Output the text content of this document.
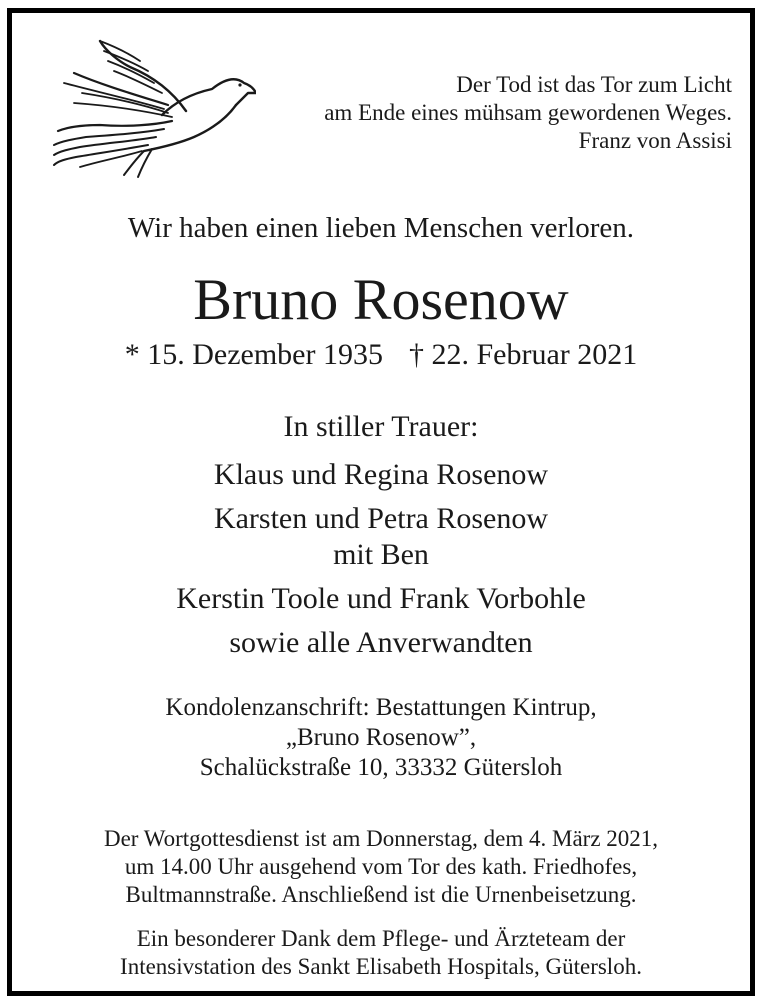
Der Tod ist das Tor zum Licht
am Ende eines mühsam gewordenen Weges.
Franz von Assisi
Wir haben einen lieben Menschen verloren.
Bruno Rosenow
* 15. Dezember 1935 † 22. Februar 2021
In stiller Trauer:
Klaus und Regina Rosenow
Karsten und Petra Rosenow
mit Ben
Kerstin Toole und Frank Vorbohle
sowie alle Anverwandten
Kondolenzanschrift: Bestattungen Kintrup,
„Bruno Rosenow”,
Schalückstraße 10, 33332 Gütersloh
Der Wortgottesdienst ist am Donnerstag, dem 4. März 2021,
um 14.00 Uhr ausgehend vom Tor des kath. Friedhofes,
Bultmannstraße. Anschließend ist die Urnenbeisetzung.
Ein besonderer Dank dem Pflege- und Ärzteteam der
Intensivstation des Sankt Elisabeth Hospitals, Gütersloh.
